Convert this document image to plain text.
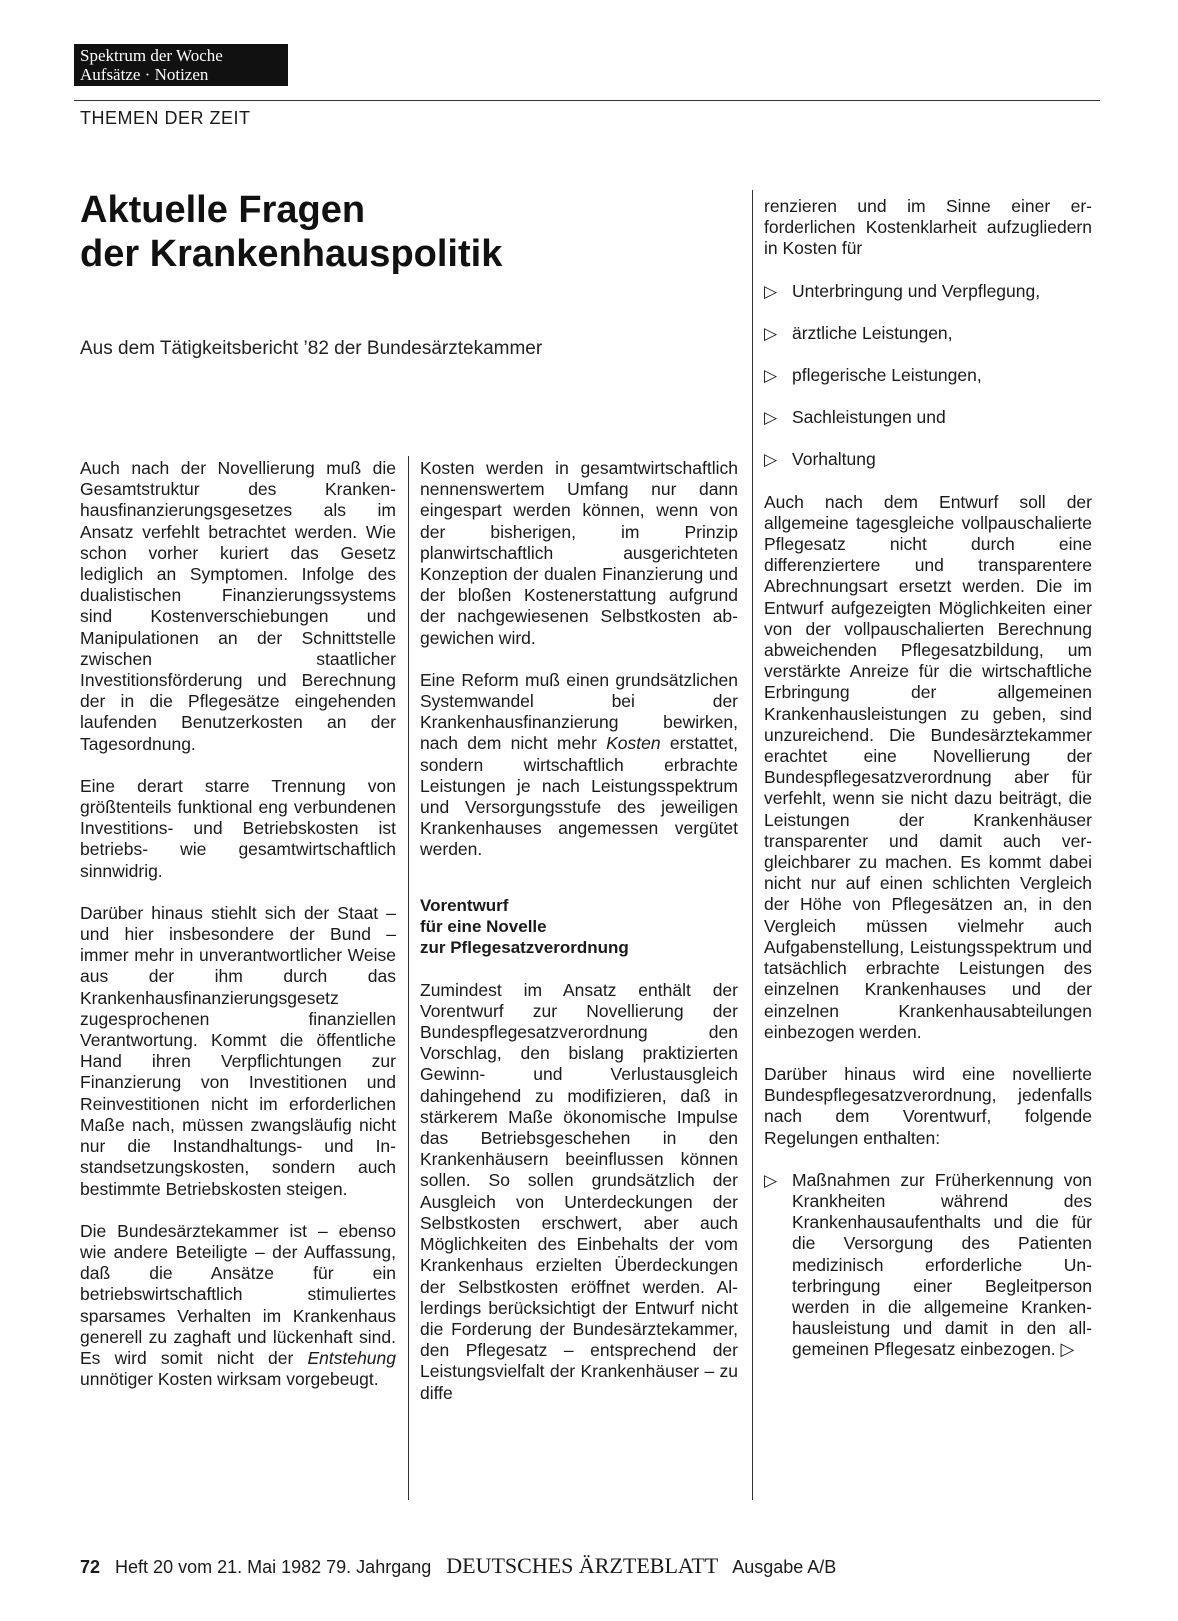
Spektrum der Woche
Aufsätze · Notizen
THEMEN DER ZEIT
Aktuelle Fragen
der Krankenhauspolitik
Aus dem Tätigkeitsbericht ’82 der Bundesärztekammer

Auch nach der Novellierung muß die Gesamtstruktur des Krankenhausfinanzierungsgesetzes als im Ansatz verfehlt betrachtet werden. Wie schon vorher kuriert das Gesetz lediglich an Symptomen. Infolge des dualistischen Finanzierungssystems sind Kostenverschiebungen und Manipulationen an der Schnittstelle zwischen staatlicher Investitionsförderung und Berechnung der in die Pflegesätze eingehenden laufenden Benutzerkosten an der Tagesordnung.

Eine derart starre Trennung von größtenteils funktional eng verbundenen Investitions- und Betriebskosten ist betriebs- wie gesamtwirtschaftlich sinnwidrig.

Darüber hinaus stiehlt sich der Staat – und hier insbesondere der Bund – immer mehr in unverantwortlicher Weise aus der ihm durch das Krankenhausfinanzierungsgesetz zugesprochenen finanziellen Verantwortung. Kommt die öffentliche Hand ihren Verpflichtungen zur Finanzierung von Investitionen und Reinvestitionen nicht im erforderlichen Maße nach, müssen zwangsläufig nicht nur die Instandhaltungs- und Instandsetzungskosten, sondern auch bestimmte Betriebskosten steigen.

Die Bundesärztekammer ist – ebenso wie andere Beteiligte – der Auffassung, daß die Ansätze für ein betriebswirtschaftlich stimuliertes sparsames Verhalten im Krankenhaus generell zu zaghaft und lückenhaft sind. Es wird somit nicht der Entstehung unnötiger Kosten wirksam vorgebeugt.

Kosten werden in gesamtwirtschaftlich nennenswertem Umfang nur dann eingespart werden können, wenn von der bisherigen, im Prinzip planwirtschaftlich ausgerichteten Konzeption der dualen Finanzierung und der bloßen Kostenerstattung aufgrund der nachgewiesenen Selbstkosten abgewichen wird.

Eine Reform muß einen grundsätzlichen Systemwandel bei der Krankenhausfinanzierung bewirken, nach dem nicht mehr Kosten erstattet, sondern wirtschaftlich erbrachte Leistungen je nach Leistungsspektrum und Versorgungsstufe des jeweiligen Krankenhauses angemessen vergütet werden.

Vorentwurf
für eine Novelle
zur Pflegesatzverordnung

Zumindest im Ansatz enthält der Vorentwurf zur Novellierung der Bundespflegesatzverordnung den Vorschlag, den bislang praktizierten Gewinn- und Verlustausgleich dahingehend zu modifizieren, daß in stärkerem Maße ökonomische Impulse das Betriebsgeschehen in den Krankenhäusern beeinflussen können sollen. So sollen grundsätzlich der Ausgleich von Unterdeckungen der Selbstkosten erschwert, aber auch Möglichkeiten des Einbehalts der vom Krankenhaus erzielten Überdeckungen der Selbstkosten eröffnet werden. Allerdings berücksichtigt der Entwurf nicht die Forderung der Bundesärztekammer, den Pflegesatz – entsprechend der Leistungsvielfalt der Krankenhäuser – zu diffe

renzieren und im Sinne einer erforderlichen Kostenklarheit aufzugliedern in Kosten für

▷ Unterbringung und Verpflegung,
▷ ärztliche Leistungen,
▷ pflegerische Leistungen,
▷ Sachleistungen und
▷ Vorhaltung

Auch nach dem Entwurf soll der allgemeine tagesgleiche vollpauschalierte Pflegesatz nicht durch eine differenziertere und transparentere Abrechnungsart ersetzt werden. Die im Entwurf aufgezeigten Möglichkeiten einer von der vollpauschalierten Berechnung abweichenden Pflegesatzbildung, um verstärkte Anreize für die wirtschaftliche Erbringung der allgemeinen Krankenhausleistungen zu geben, sind unzureichend. Die Bundesärztekammer erachtet eine Novellierung der Bundespflegesatzverordnung aber für verfehlt, wenn sie nicht dazu beiträgt, die Leistungen der Krankenhäuser transparenter und damit auch vergleichbarer zu machen. Es kommt dabei nicht nur auf einen schlichten Vergleich der Höhe von Pflegesätzen an, in den Vergleich müssen vielmehr auch Aufgabenstellung, Leistungsspektrum und tatsächlich erbrachte Leistungen des einzelnen Krankenhauses und der einzelnen Krankenhausabteilungen einbezogen werden.

Darüber hinaus wird eine novellierte Bundespflegesatzverordnung, jedenfalls nach dem Vorentwurf, folgende Regelungen enthalten:

▷ Maßnahmen zur Früherkennung von Krankheiten während des Krankenhausaufenthalts und die für die Versorgung des Patienten medizinisch erforderliche Unterbringung einer Begleitperson werden in die allgemeine Krankenhausleistung und damit in den allgemeinen Pflegesatz einbezogen. ▷
72 Heft 20 vom 21. Mai 1982 79. Jahrgang DEUTSCHES ÄRZTEBLATT Ausgabe A/B
